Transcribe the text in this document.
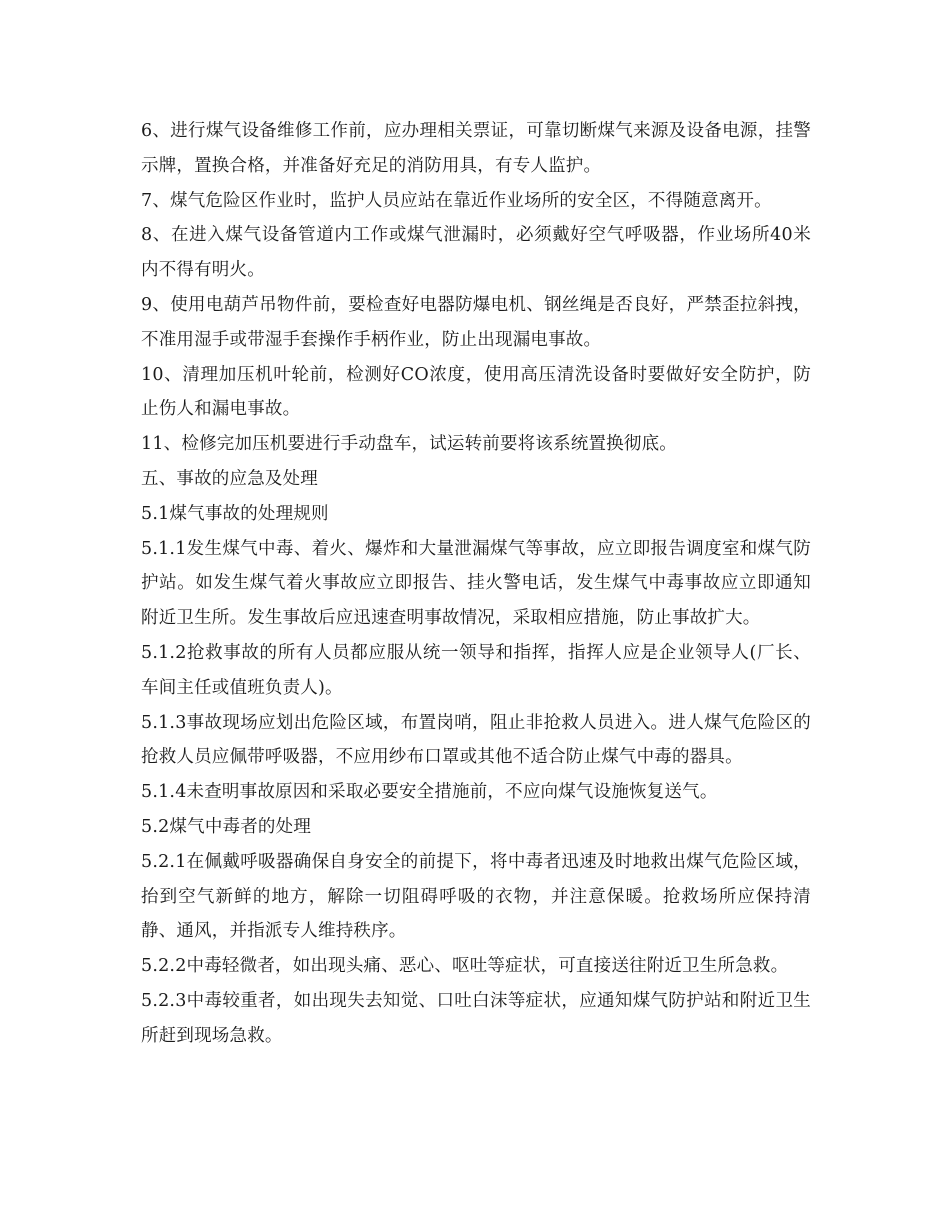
6、进行煤气设备维修工作前，应办理相关票证，可靠切断煤气来源及设备电源，挂警示牌，置换合格，并准备好充足的消防用具，有专人监护。

7、煤气危险区作业时，监护人员应站在靠近作业场所的安全区，不得随意离开。

8、在进入煤气设备管道内工作或煤气泄漏时，必须戴好空气呼吸器，作业场所40米内不得有明火。

9、使用电葫芦吊物件前，要检查好电器防爆电机、钢丝绳是否良好，严禁歪拉斜拽，不准用湿手或带湿手套操作手柄作业，防止出现漏电事故。

10、清理加压机叶轮前，检测好CO浓度，使用高压清洗设备时要做好安全防护，防止伤人和漏电事故。

11、检修完加压机要进行手动盘车，试运转前要将该系统置换彻底。

五、事故的应急及处理

5.1煤气事故的处理规则

5.1.1发生煤气中毒、着火、爆炸和大量泄漏煤气等事故，应立即报告调度室和煤气防护站。如发生煤气着火事故应立即报告、挂火警电话，发生煤气中毒事故应立即通知附近卫生所。发生事故后应迅速查明事故情况，采取相应措施，防止事故扩大。

5.1.2抢救事故的所有人员都应服从统一领导和指挥，指挥人应是企业领导人(厂长、车间主任或值班负责人)。

5.1.3事故现场应划出危险区域，布置岗哨，阻止非抢救人员进入。进人煤气危险区的抢救人员应佩带呼吸器，不应用纱布口罩或其他不适合防止煤气中毒的器具。

5.1.4未查明事故原因和采取必要安全措施前，不应向煤气设施恢复送气。

5.2煤气中毒者的处理

5.2.1在佩戴呼吸器确保自身安全的前提下，将中毒者迅速及时地救出煤气危险区域，抬到空气新鲜的地方，解除一切阻碍呼吸的衣物，并注意保暖。抢救场所应保持清静、通风，并指派专人维持秩序。

5.2.2中毒轻微者，如出现头痛、恶心、呕吐等症状，可直接送往附近卫生所急救。

5.2.3中毒较重者，如出现失去知觉、口吐白沫等症状，应通知煤气防护站和附近卫生所赶到现场急救。
